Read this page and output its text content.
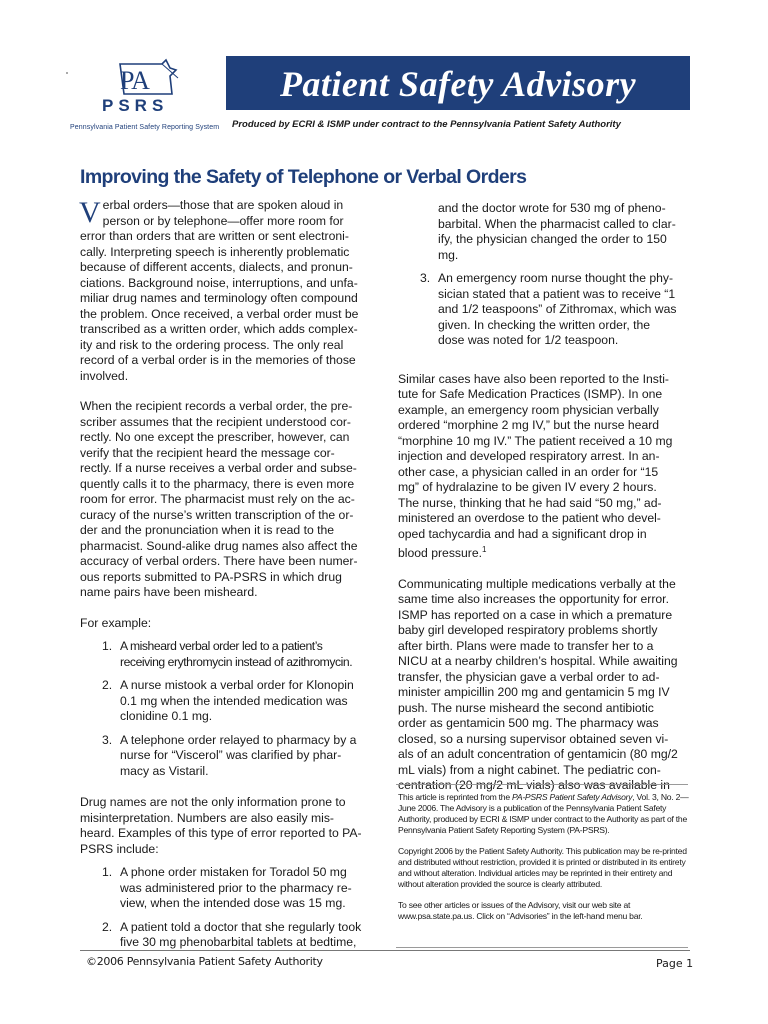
PA
PSRS
Pennsylvania Patient Safety Reporting System
Patient Safety Advisory
Produced by ECRI & ISMP under contract to the Pennsylvania Patient Safety Authority
Improving the Safety of Telephone or Verbal Orders

V erbal orders—those that are spoken aloud in
person or by telephone—offer more room for
error than orders that are written or sent electroni-
cally. Interpreting speech is inherently problematic
because of different accents, dialects, and pronun-
ciations. Background noise, interruptions, and unfa-
miliar drug names and terminology often compound
the problem. Once received, a verbal order must be
transcribed as a written order, which adds complex-
ity and risk to the ordering process. The only real
record of a verbal order is in the memories of those
involved.

When the recipient records a verbal order, the pre-
scriber assumes that the recipient understood cor-
rectly. No one except the prescriber, however, can
verify that the recipient heard the message cor-
rectly. If a nurse receives a verbal order and subse-
quently calls it to the pharmacy, there is even more
room for error. The pharmacist must rely on the ac-
curacy of the nurse’s written transcription of the or-
der and the pronunciation when it is read to the
pharmacist. Sound-alike drug names also affect the
accuracy of verbal orders. There have been numer-
ous reports submitted to PA-PSRS in which drug
name pairs have been misheard.

For example:

1. A misheard verbal order led to a patient’s
receiving erythromycin instead of azithromycin.
2. A nurse mistook a verbal order for Klonopin
0.1 mg when the intended medication was
clonidine 0.1 mg.
3. A telephone order relayed to pharmacy by a
nurse for “Viscerol” was clarified by phar-
macy as Vistaril.

Drug names are not the only information prone to
misinterpretation. Numbers are also easily mis-
heard. Examples of this type of error reported to PA-
PSRS include:

1. A phone order mistaken for Toradol 50 mg
was administered prior to the pharmacy re-
view, when the intended dose was 15 mg.
2. A patient told a doctor that she regularly took
five 30 mg phenobarbital tablets at bedtime,
and the doctor wrote for 530 mg of pheno-
barbital. When the pharmacist called to clar-
ify, the physician changed the order to 150
mg.
3. An emergency room nurse thought the phy-
sician stated that a patient was to receive “1
and 1/2 teaspoons” of Zithromax, which was
given. In checking the written order, the
dose was noted for 1/2 teaspoon.

Similar cases have also been reported to the Insti-
tute for Safe Medication Practices (ISMP). In one
example, an emergency room physician verbally
ordered “morphine 2 mg IV,” but the nurse heard
“morphine 10 mg IV.” The patient received a 10 mg
injection and developed respiratory arrest. In an-
other case, a physician called in an order for “15
mg” of hydralazine to be given IV every 2 hours.
The nurse, thinking that he had said “50 mg,” ad-
ministered an overdose to the patient who devel-
oped tachycardia and had a significant drop in
blood pressure.$^1$

Communicating multiple medications verbally at the
same time also increases the opportunity for error.
ISMP has reported on a case in which a premature
baby girl developed respiratory problems shortly
after birth. Plans were made to transfer her to a
NICU at a nearby children’s hospital. While awaiting
transfer, the physician gave a verbal order to ad-
minister ampicillin 200 mg and gentamicin 5 mg IV
push. The nurse misheard the second antibiotic
order as gentamicin 500 mg. The pharmacy was
closed, so a nursing supervisor obtained seven vi-
als of an adult concentration of gentamicin (80 mg/2
mL vials) from a night cabinet. The pediatric con-
centration (20 mg/2 mL vials) also was available in

This article is reprinted from the PA-PSRS Patient Safety Advisory, Vol. 3, No. 2—June 2006. The Advisory is a publication of the Pennsylvania Patient Safety Authority, produced by ECRI & ISMP under contract to the Authority as part of the Pennsylvania Patient Safety Reporting System (PA-PSRS).

Copyright 2006 by the Patient Safety Authority. This publication may be re-printed and distributed without restriction, provided it is printed or distributed in its entirety and without alteration. Individual articles may be reprinted in their entirety and without alteration provided the source is clearly attributed.

To see other articles or issues of the Advisory, visit our web site at www.psa.state.pa.us. Click on “Advisories” in the left-hand menu bar.

©2006 Pennsylvania Patient Safety Authority	Page 1
